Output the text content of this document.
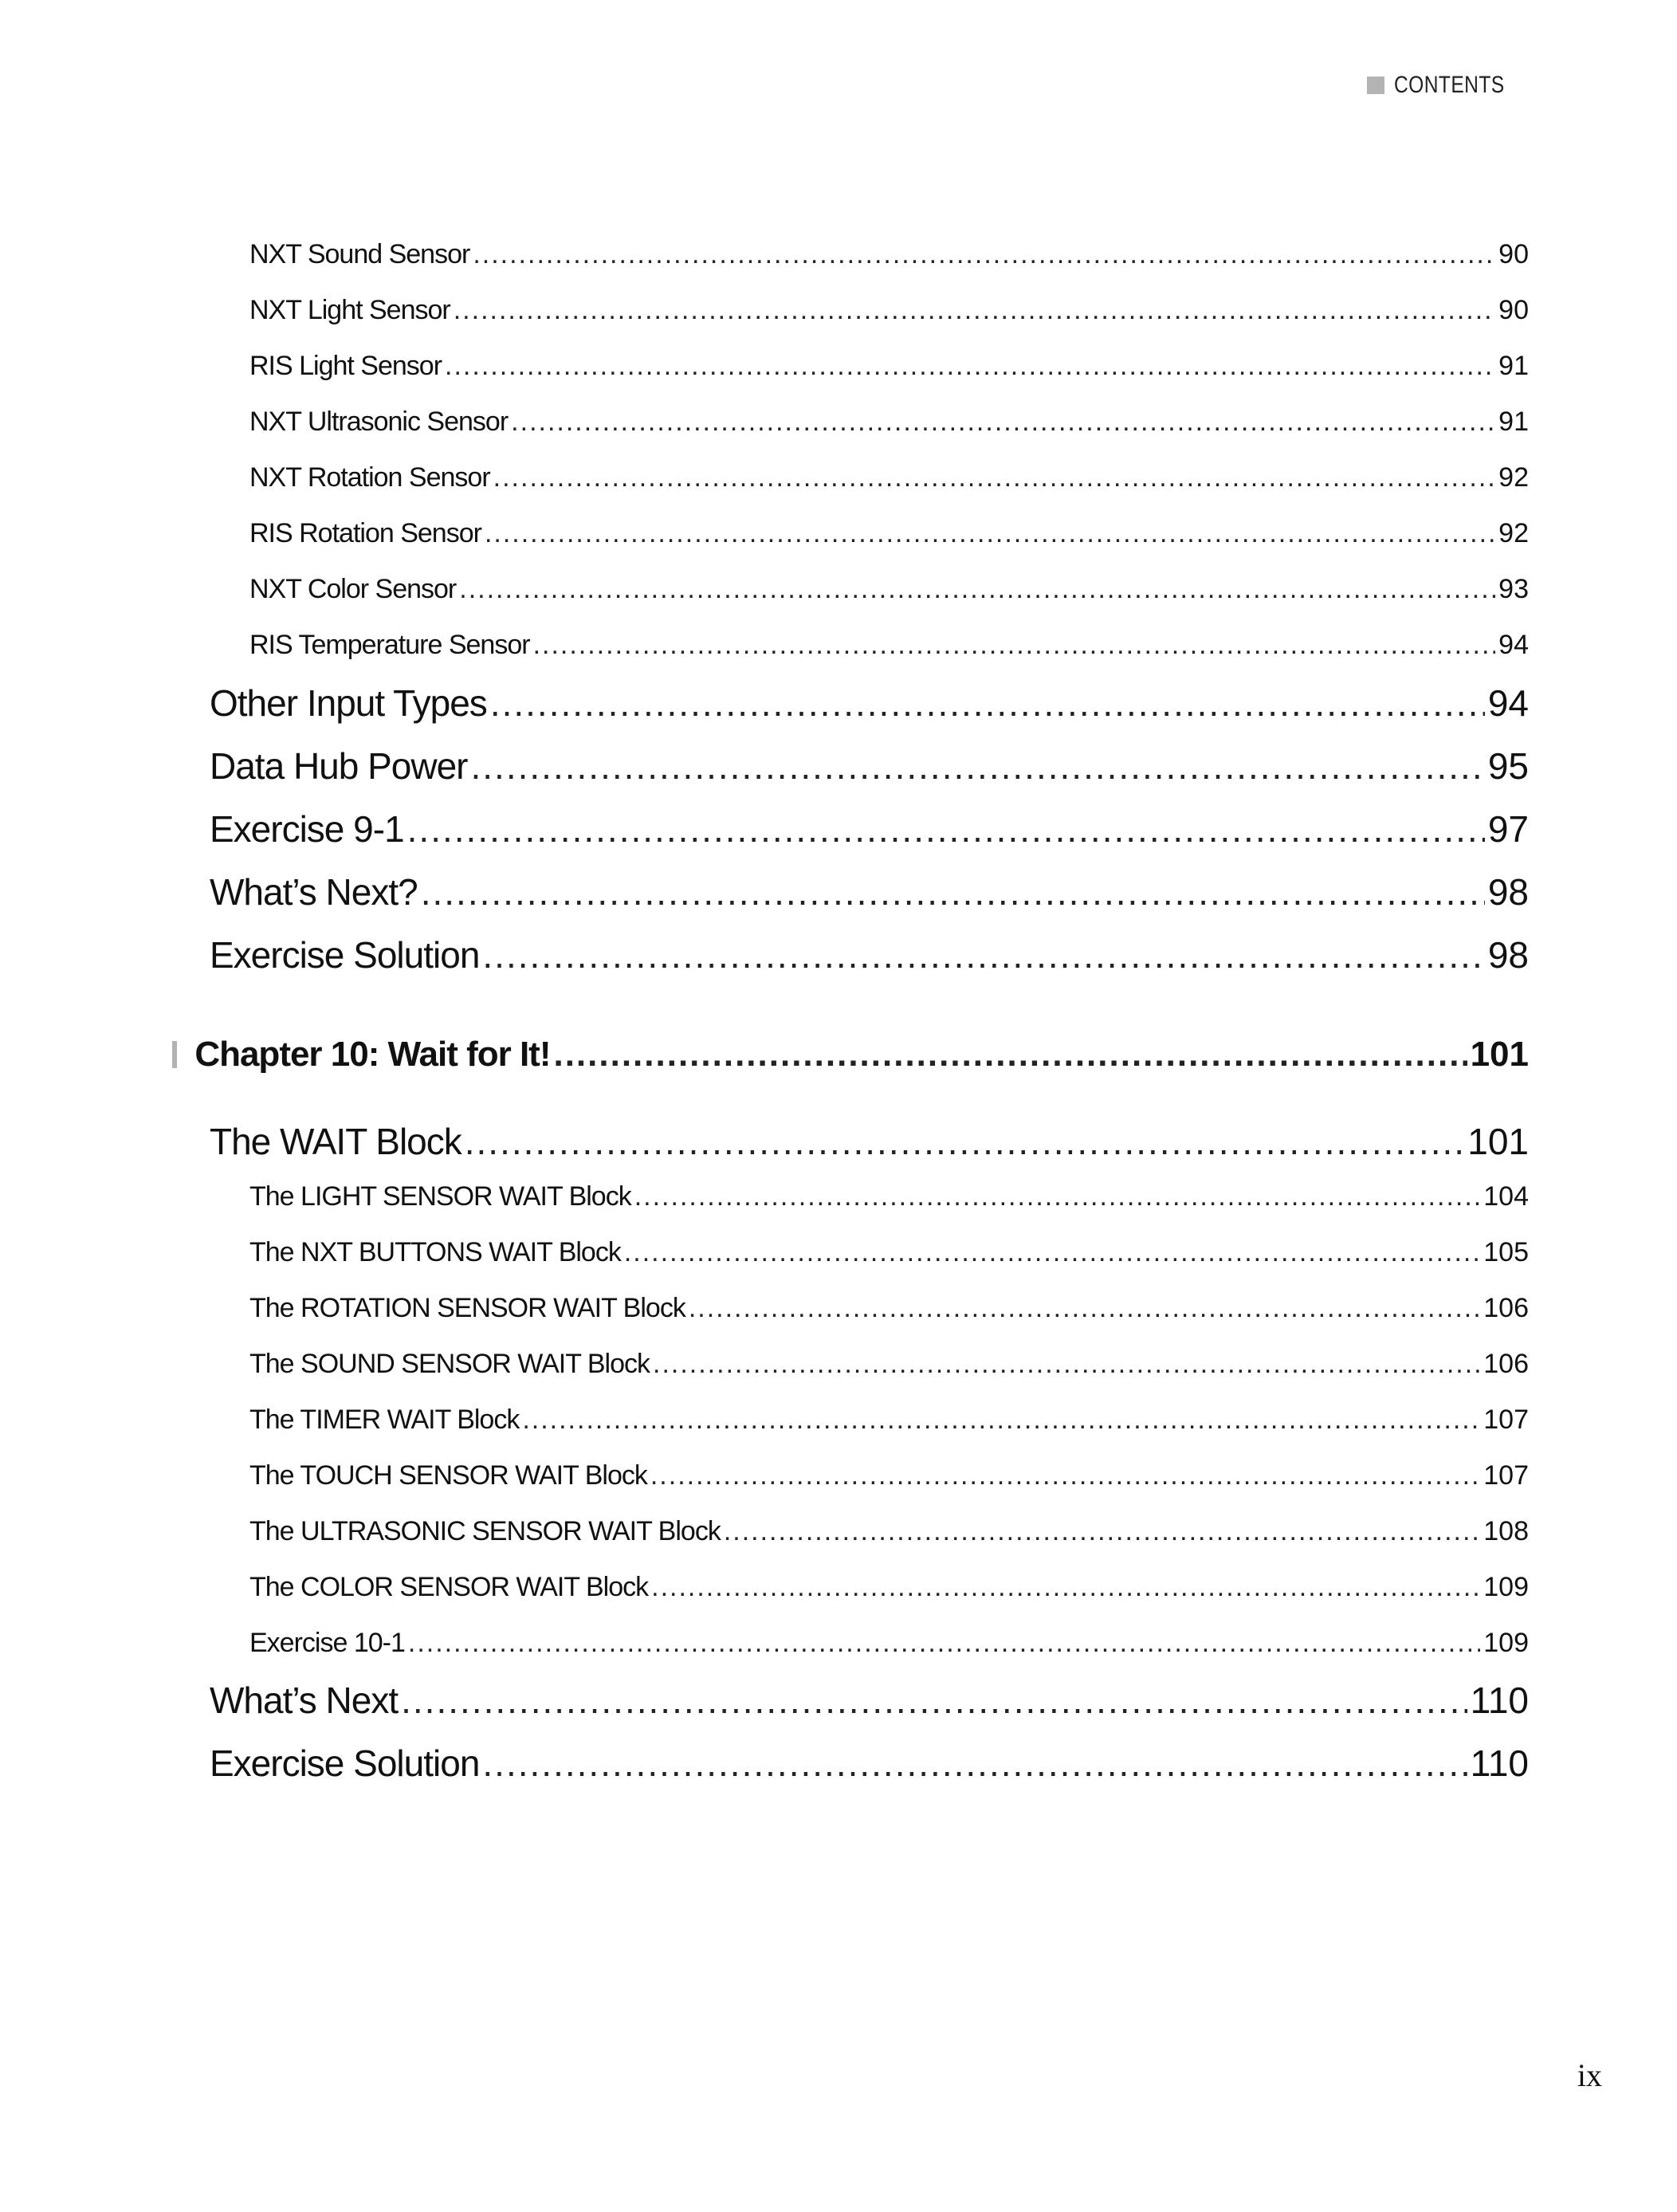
CONTENTS
NXT Sound Sensor .....	90
NXT Light Sensor .....	90
RIS Light Sensor .....	91
NXT Ultrasonic Sensor .....	91
NXT Rotation Sensor .....	92
RIS Rotation Sensor .....	92
NXT Color Sensor .....	93
RIS Temperature Sensor .....	94
Other Input Types .....	94
Data Hub Power .....	95
Exercise 9-1 .....	97
What’s Next? .....	98
Exercise Solution .....	98
Chapter 10: Wait for It! .....	101
The WAIT Block .....	101
The LIGHT SENSOR WAIT Block .....	104
The NXT BUTTONS WAIT Block .....	105
The ROTATION SENSOR WAIT Block .....	106
The SOUND SENSOR WAIT Block .....	106
The TIMER WAIT Block .....	107
The TOUCH SENSOR WAIT Block .....	107
The ULTRASONIC SENSOR WAIT Block .....	108
The COLOR SENSOR WAIT Block .....	109
Exercise 10-1 .....	109
What’s Next .....	110
Exercise Solution .....	110
ix
